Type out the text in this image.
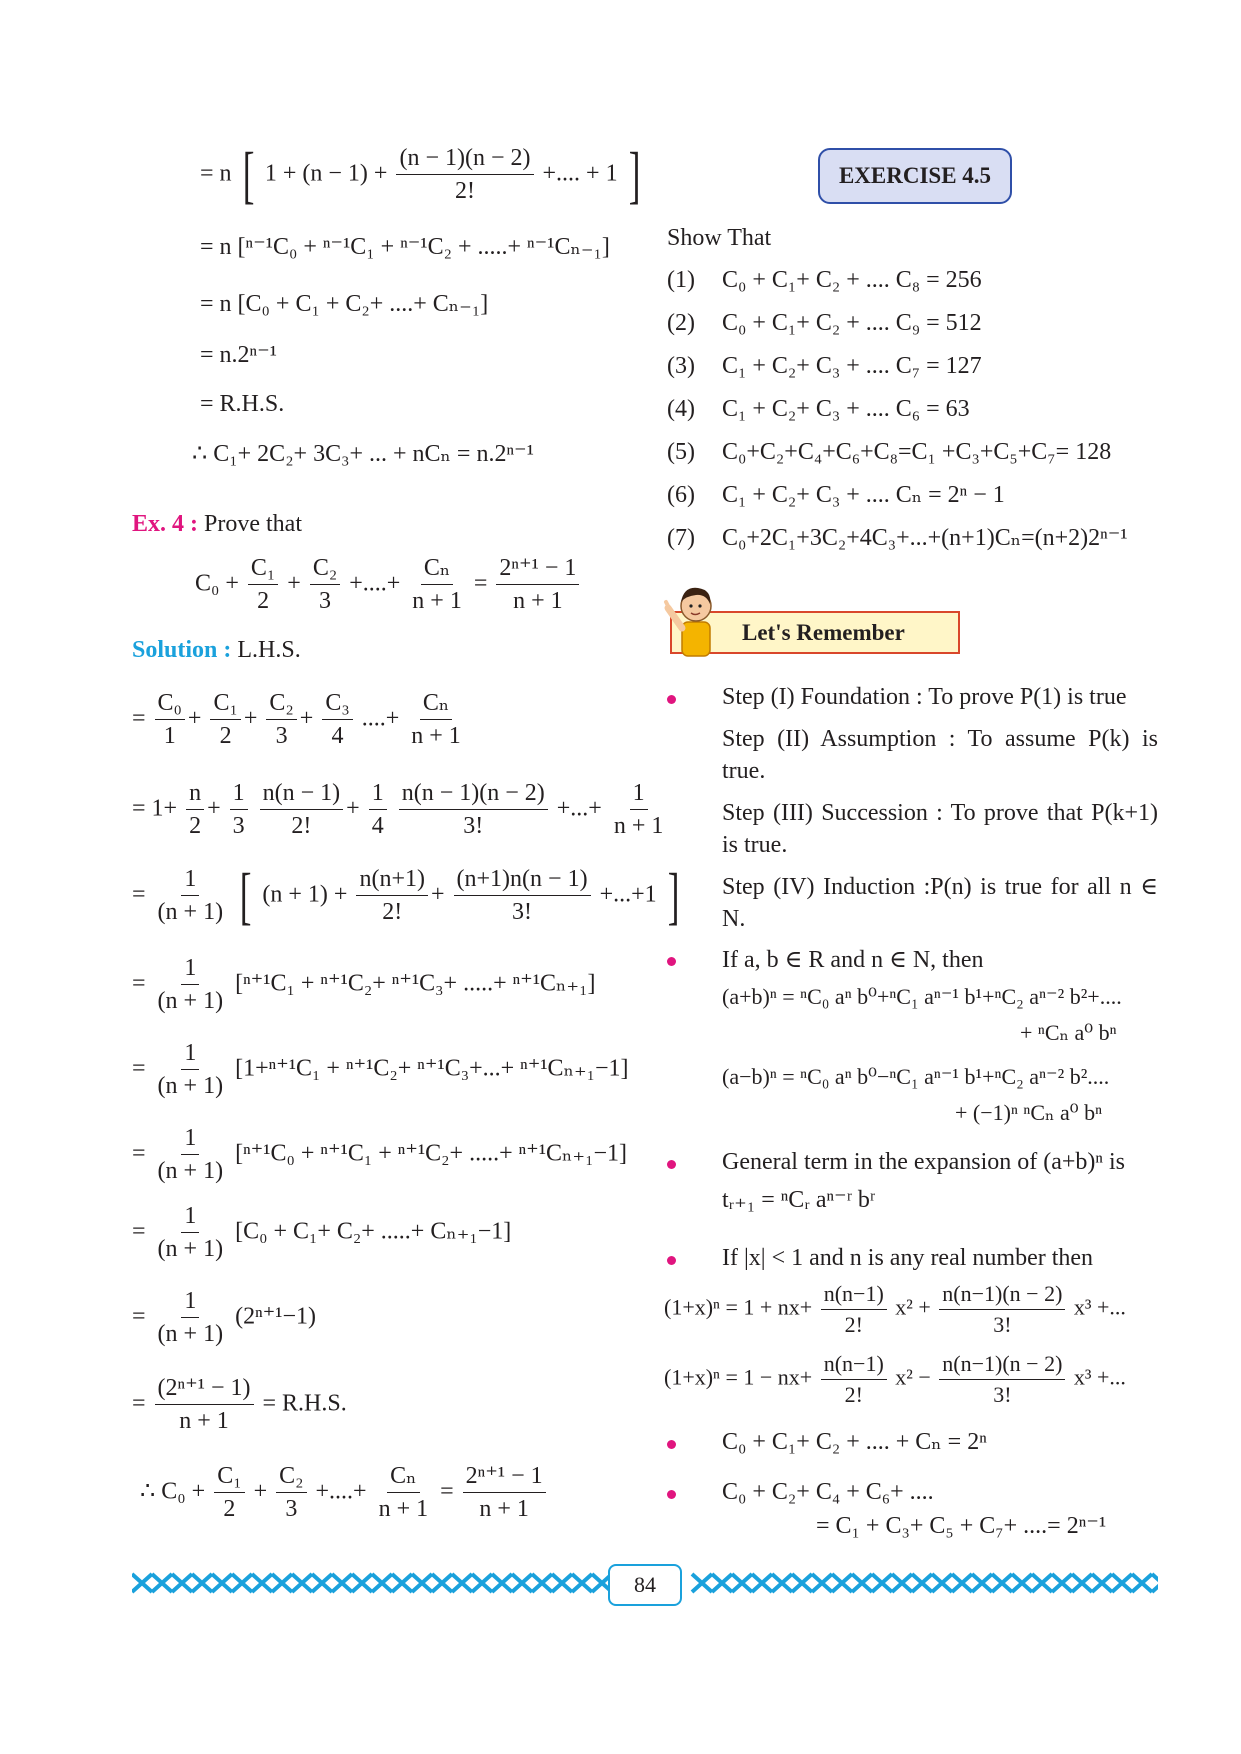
= n [ $1 + (n - 1) + \frac{(n - 1)(n - 2)}{2!}$ +.... + 1 ]
= n [ⁿ⁻¹C₀ + ⁿ⁻¹C₁ + ⁿ⁻¹C₂ + .....+ ⁿ⁻¹Cₙ₋₁]
= n [C₀ + C₁ + C₂+ ....+ Cₙ₋₁]
= n.2ⁿ⁻¹
= R.H.S.
∴ C₁+ 2C₂+ 3C₃+ ... + nCₙ = n.2ⁿ⁻¹
Ex. 4 : Prove that
$C_0 + \frac{\text{C₁}}{2} + \frac{\text{C₂}}{3}$ +....+ $\frac{\text{Cₙ}}{n + 1} = \frac{\text{2ⁿ⁺¹ − 1}}{n + 1}$
Solution : L.H.S.
= $\frac{\text{C₀}}{1} + \frac{\text{C₁}}{2} + \frac{\text{C₂}}{3} + \frac{\text{C₃}}{4}$ ....+ $\frac{\text{Cₙ}}{n + 1}$
= $1+ \frac{n}{2} + \frac{1}{3}$
$\frac{n(n - 1)}{2!} + \frac{1}{4}$
$\frac{n(n - 1)(n - 2)}{3!}$ +...+ $\frac{1}{n + 1}$
= $\frac{1}{(n + 1)}$ [ $(n + 1) + \frac{n(n+1)}{2!} + \frac{(n+1)n(n - 1)}{3!} +...+1$ ]
= $\frac{1}{(n + 1)} [^{n+1}C_1 + ^{n+1}C_2+ ^{n+1}C_3+$ .....+ ⁿ⁺¹Cₙ₊₁]
= $\frac{1}{(n + 1)} [1+^{n+1}C_1 + ^{n+1}C_2+ ^{n+1}C_3+...+ ^{n+1}C_{n+1}-1]$
= $\frac{1}{(n + 1)} [^{n+1}C_0 + ^{n+1}C_1 + ^{n+1}C_2+$ .....+ ⁿ⁺¹Cₙ₊₁−1]
= $\frac{1}{(n + 1)} [C_0 + C_1+ C_2+$ .....+ Cₙ₊₁−1]
= $\frac{1}{(n + 1)} (2^{n+1}-1)$
= $\frac{\text{(2ⁿ⁺¹ − 1)}}{n + 1} = R.H.S$.
∴ $C_0 + \frac{\text{C₁}}{2} + \frac{\text{C₂}}{3}$ +....+ $\frac{\text{Cₙ}}{n + 1} = \frac{\text{2ⁿ⁺¹ − 1}}{n + 1}$
EXERCISE 4.5
Show That
(1) C₀ + C₁+ C₂ + .... C₈ = 256
(2) C₀ + C₁+ C₂ + .... C₉ = 512
(3) C₁ + C₂+ C₃ + .... C₇ = 127
(4) C₁ + C₂+ C₃ + .... C₆ = 63
(5) C₀+C₂+C₄+C₆+C₈=C₁ +C₃+C₅+C₇= 128
(6) C₁ + C₂+ C₃ + .... Cₙ = 2ⁿ − 1
(7) C₀+2C₁+3C₂+4C₃+...+(n+1)Cₙ=(n+2)2ⁿ⁻¹
Let's Remember
Step (I) Foundation : To prove P(1) is true
Step (II) Assumption : To assume P(k) is true.
Step (III) Succession : To prove that P(k+1) is true.
Step (IV) Induction :P(n) is true for all n ∈ N.
If a, b ∈ R and n ∈ N, then
(a+b)ⁿ = ⁿC₀ aⁿ b⁰+ⁿC₁ aⁿ⁻¹ b¹+ⁿC₂ aⁿ⁻² b²+....
+ ⁿCₙ a⁰ bⁿ
(a−b)ⁿ = ⁿC₀ aⁿ b⁰−ⁿC₁ aⁿ⁻¹ b¹+ⁿC₂ aⁿ⁻² b²....
+ (−1)ⁿ ⁿCₙ a⁰ bⁿ
General term in the expansion of (a+b)ⁿ is
tᵣ₊₁ = ⁿCᵣ aⁿ⁻ʳ bʳ
If |x| < 1 and n is any real number then
$(1+x)^n = 1 + nx+ \frac{n(n-1)}{2!} x^2 + \frac{n(n-1)(n - 2)}{3!} x^3$ +...
$(1+x)^n = 1 - nx+ \frac{n(n-1)}{2!} x^2 - \frac{n(n-1)(n - 2)}{3!} x^3$ +...
C₀ + C₁+ C₂ + .... + Cₙ = 2ⁿ
C₀ + C₂+ C₄ + C₆+ ....
= C₁ + C₃+ C₅ + C₇+ ....= 2ⁿ⁻¹
84
